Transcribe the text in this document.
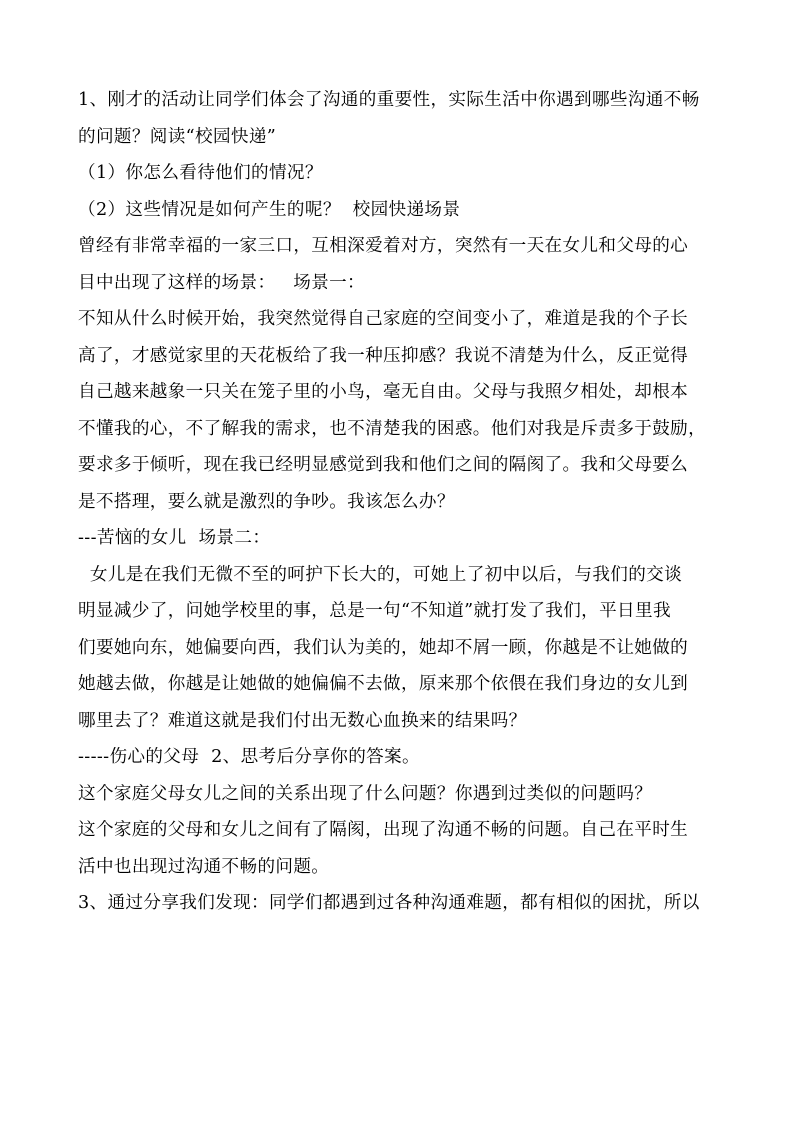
1、刚才的活动让同学们体会了沟通的重要性，实际生活中你遇到哪些沟通不畅

的问题？阅读“校园快递”

（1）你怎么看待他们的情况？

（2）这些情况是如何产生的呢？  校园快递场景

曾经有非常幸福的一家三口，互相深爱着对方，突然有一天在女儿和父母的心

目中出现了这样的场景：   场景一：

不知从什么时候开始，我突然觉得自己家庭的空间变小了，难道是我的个子长

高了，才感觉家里的天花板给了我一种压抑感？我说不清楚为什么，反正觉得

自己越来越象一只关在笼子里的小鸟，毫无自由。父母与我照夕相处，却根本

不懂我的心，不了解我的需求，也不清楚我的困惑。他们对我是斥责多于鼓励，

要求多于倾听，现在我已经明显感觉到我和他们之间的隔阂了。我和父母要么

是不搭理，要么就是激烈的争吵。我该怎么办？

---苦恼的女儿  场景二：

女儿是在我们无微不至的呵护下长大的，可她上了初中以后，与我们的交谈

明显减少了，问她学校里的事，总是一句“不知道”就打发了我们，平日里我

们要她向东，她偏要向西，我们认为美的，她却不屑一顾，你越是不让她做的

她越去做，你越是让她做的她偏偏不去做，原来那个依偎在我们身边的女儿到

哪里去了？难道这就是我们付出无数心血换来的结果吗？

-----伤心的父母  2、思考后分享你的答案。

这个家庭父母女儿之间的关系出现了什么问题？你遇到过类似的问题吗？

这个家庭的父母和女儿之间有了隔阂，出现了沟通不畅的问题。自己在平时生

活中也出现过沟通不畅的问题。

3、通过分享我们发现：同学们都遇到过各种沟通难题，都有相似的困扰，所以
